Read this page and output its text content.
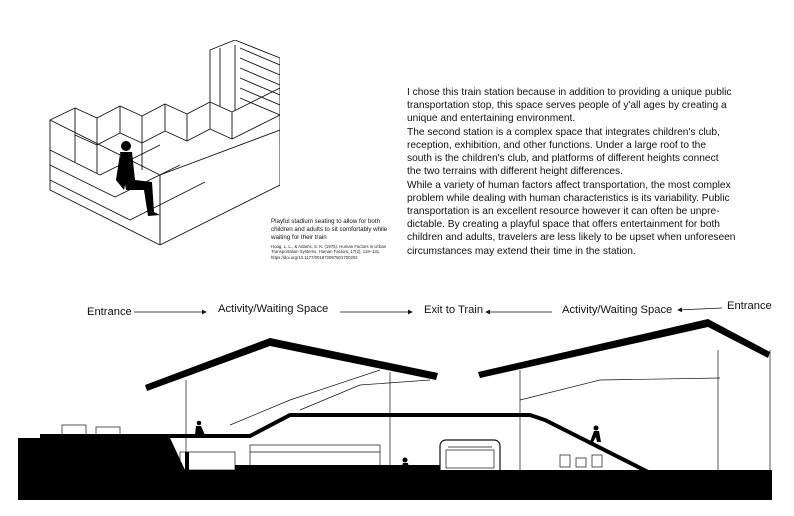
Playful stadium seating to allow for both children and adults to sit comfortably while waiting for their train
Hoag, L. L., & Adams, S. K. (1975). Human Factors in Urban Transportation Systems. Human Factors, 17(2), 119–131. https://doi.org/10.1177/001872087501700202
I chose this train station because in addition to providing a unique public
transportation stop, this space serves people of y'all ages by creating a
unique and entertaining environment.
The second station is a complex space that integrates children's club,
reception, exhibition, and other functions. Under a large roof to the
south is the children's club, and platforms of different heights connect
the two terrains with different height differences.
While a variety of human factors affect transportation, the most complex
problem while dealing with human characteristics is its variability. Public
transportation is an excellent resource however it can often be unpre-
dictable. By creating a playful space that offers entertainment for both
children and adults, travelers are less likely to be upset when unforeseen
circumstances may extend their time in the station.
Entrance	Activity/Waiting Space	Exit to Train	Activity/Waiting Space	Entrance
